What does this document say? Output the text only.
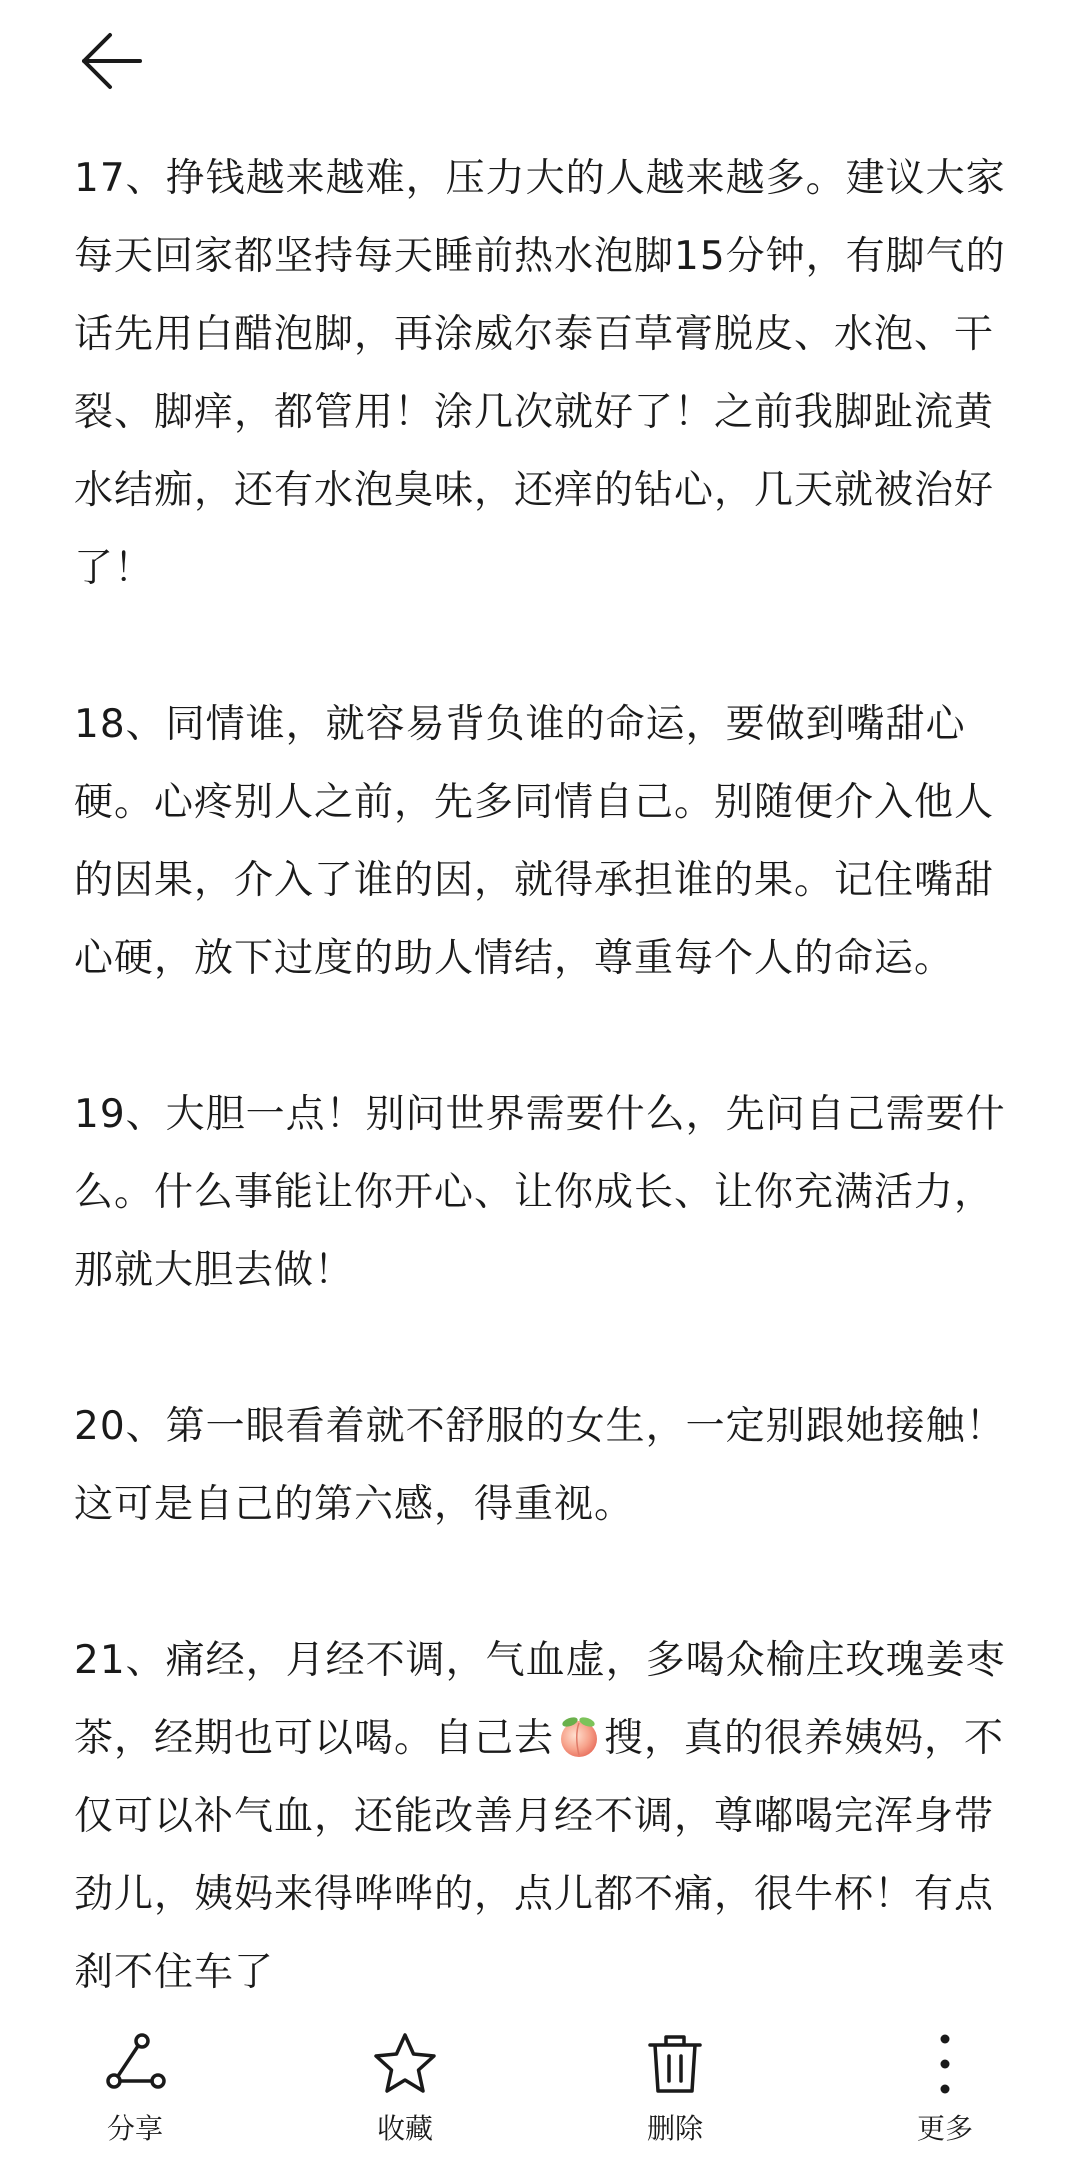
17、挣钱越来越难，压力大的人越来越多。建议大家每天回家都坚持每天睡前热水泡脚15分钟，有脚气的话先用白醋泡脚，再涂威尔泰百草膏脱皮、水泡、干裂、脚痒，都管用！涂几次就好了！之前我脚趾流黄水结痂，还有水泡臭味，还痒的钻心，几天就被治好了！

18、同情谁，就容易背负谁的命运，要做到嘴甜心硬。心疼别人之前，先多同情自己。别随便介入他人的因果，介入了谁的因，就得承担谁的果。记住嘴甜心硬，放下过度的助人情结，尊重每个人的命运。

19、大胆一点！别问世界需要什么，先问自己需要什么。什么事能让你开心、让你成长、让你充满活力，那就大胆去做！

20、第一眼看着就不舒服的女生，一定别跟她接触！这可是自己的第六感，得重视。

21、痛经，月经不调，气血虚，多喝众榆庄玫瑰姜枣茶，经期也可以喝。自己去 搜，真的很养姨妈，不仅可以补气血，还能改善月经不调，尊嘟喝完浑身带劲儿，姨妈来得哗哗的，点儿都不痛，很牛杯！有点刹不住车了

分享	收藏	删除	更多
